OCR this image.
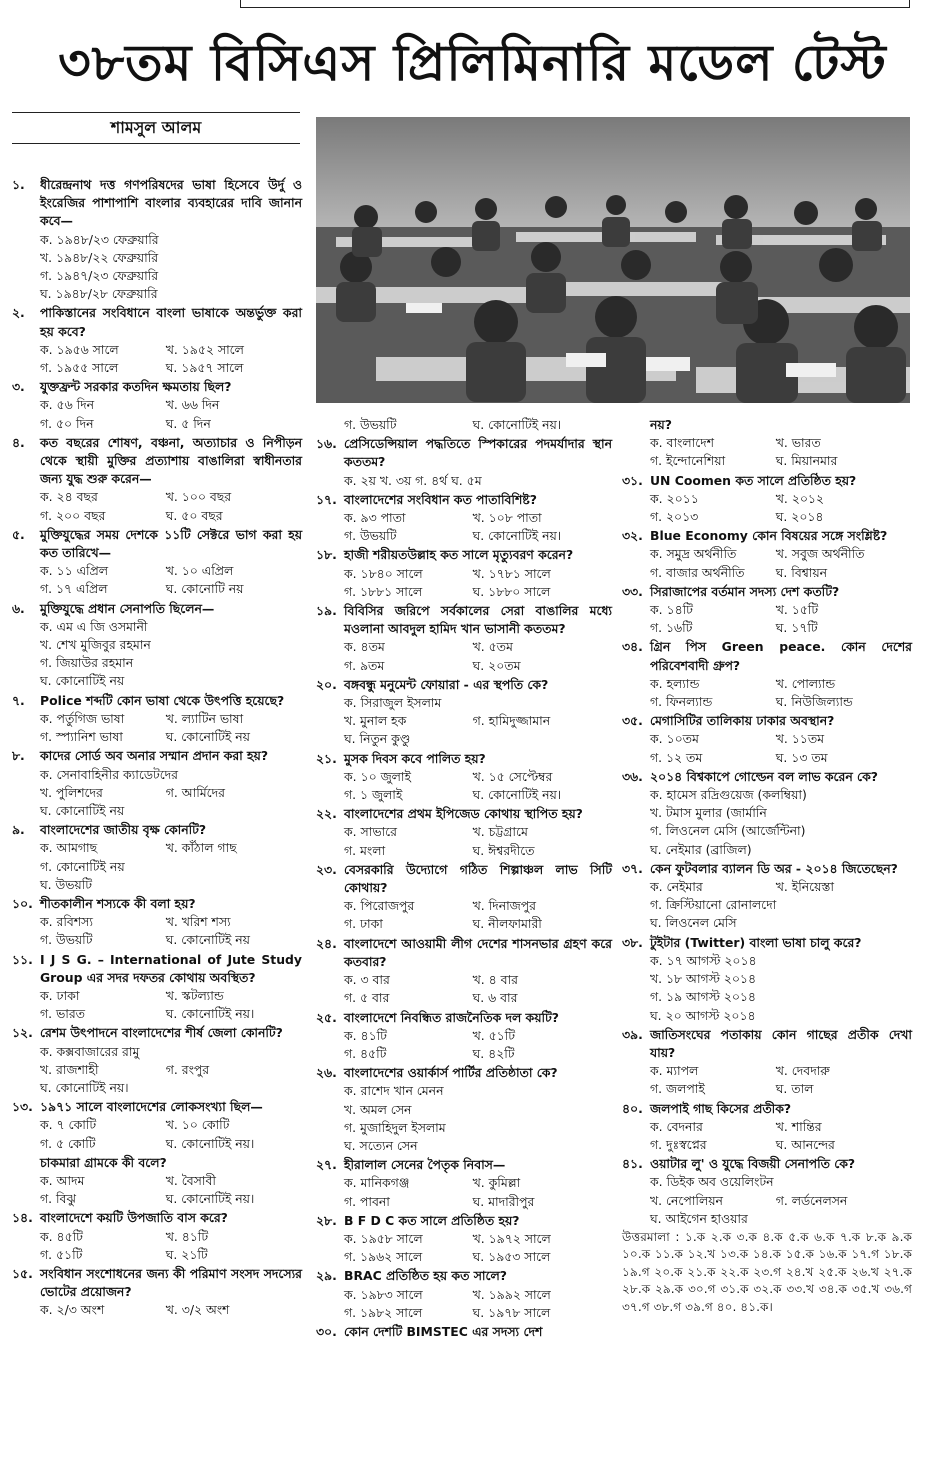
৩৮তম বিসিএস প্রিলিমিনারি মডেল টেস্ট
শামসুল আলম
১.	ধীরেন্দ্রনাথ দত্ত গণপরিষদের ভাষা হিসেবে উর্দু ও ইংরেজির পাশাপাশি বাংলার ব্যবহারের দাবি জানান কবে—
ক. ১৯৪৮/২৩ ফেব্রুয়ারি
খ. ১৯৪৮/২২ ফেব্রুয়ারি
গ. ১৯৪৭/২৩ ফেব্রুয়ারি
ঘ. ১৯৪৮/২৮ ফেব্রুয়ারি
২.	পাকিস্তানের সংবিধানে বাংলা ভাষাকে অন্তর্ভুক্ত করা হয় কবে?
ক. ১৯৫৬ সালে	খ. ১৯৫২ সালে
গ. ১৯৫৫ সালে	ঘ. ১৯৫৭ সালে
৩.	যুক্তফ্রন্ট সরকার কতদিন ক্ষমতায় ছিল?
ক. ৫৬ দিন	খ. ৬৬ দিন
গ. ৫০ দিন	ঘ. ৫ দিন
৪.	কত বছরের শোষণ, বঞ্চনা, অত্যাচার ও নিপীড়ন থেকে স্থায়ী মুক্তির প্রত্যাশায় বাঙালিরা স্বাধীনতার জন্য যুদ্ধ শুরু করেন—
ক. ২৪ বছর	খ. ১০০ বছর
গ. ২০০ বছর	ঘ. ৫০ বছর
৫.	মুক্তিযুদ্ধের সময় দেশকে ১১টি সেক্টরে ভাগ করা হয় কত তারিখে—
ক. ১১ এপ্রিল	খ. ১০ এপ্রিল
গ. ১৭ এপ্রিল	ঘ. কোনোটি নয়
৬.	মুক্তিযুদ্ধে প্রধান সেনাপতি ছিলেন—
ক. এম এ জি ওসমানী
খ. শেখ মুজিবুর রহমান
গ. জিয়াউর রহমান
ঘ. কোনোটিই নয়
৭.	Police শব্দটি কোন ভাষা থেকে উৎপত্তি হয়েছে?
ক. পর্তুগিজ ভাষা	খ. ল্যাটিন ভাষা
গ. স্প্যানিশ ভাষা	ঘ. কোনোটিই নয়
৮.	কাদের সোর্ড অব অনার সম্মান প্রদান করা হয়?
ক. সেনাবাহিনীর ক্যাডেটদের
খ. পুলিশদের	গ. আর্মিদের
ঘ. কোনোটিই নয়
৯.	বাংলাদেশের জাতীয় বৃক্ষ কোনটি?
ক. আমগাছ	খ. কাঁঠাল গাছ
গ. কোনোটিই নয়
ঘ. উভয়টি
১০. শীতকালীন শস্যকে কী বলা হয়?
ক. রবিশস্য	খ. খরিশ শস্য
গ. উভয়টি	ঘ. কোনোটিই নয়
১১. I J S G. – International of Jute Study Group এর সদর দফতর কোথায় অবস্থিত?
ক. ঢাকা	খ. স্কটল্যান্ড
গ. ভারত	ঘ. কোনোটিই নয়।
১২. রেশম উৎপাদনে বাংলাদেশের শীর্ষ জেলা কোনটি?
ক. কক্সবাজারের রামু
খ. রাজশাহী	গ. রংপুর
ঘ. কোনোটিই নয়।
১৩. ১৯৭১ সালে বাংলাদেশের লোকসংখ্যা ছিল—
ক. ৭ কোটি	খ. ১০ কোটি
গ. ৫ কোটি	ঘ. কোনোটিই নয়।
চাকমারা গ্রামকে কী বলে?
ক. আদম	খ. বৈসাবী
গ. বিঝু	ঘ. কোনোটিই নয়।
১৪. বাংলাদেশে কয়টি উপজাতি বাস করে?
ক. ৪৫টি	খ. ৪১টি
গ. ৫১টি	ঘ. ২১টি
১৫. সংবিধান সংশোধনের জন্য কী পরিমাণ সংসদ সদস্যের ভোটের প্রয়োজন?
ক. ২/৩ অংশ	খ. ৩/২ অংশ
গ. উভয়টি	ঘ. কোনোটিই নয়।
১৬. প্রেসিডেন্সিয়াল পদ্ধতিতে স্পিকারের পদমর্যাদার স্থান কততম?
ক. ২য় খ. ৩য় গ. ৪র্থ ঘ. ৫ম
১৭. বাংলাদেশের সংবিধান কত পাতাবিশিষ্ট?
ক. ৯৩ পাতা	খ. ১০৮ পাতা
গ. উভয়টি	ঘ. কোনোটিই নয়।
১৮. হাজী শরীয়তউল্লাহ কত সালে মৃত্যুবরণ করেন?
ক. ১৮৪০ সালে	খ. ১৭৮১ সালে
গ. ১৮৮১ সালে	ঘ. ১৮৮০ সালে
১৯. বিবিসির জরিপে সর্বকালের সেরা বাঙালির মধ্যে মওলানা আবদুল হামিদ খান ভাসানী কততম?
ক. ৪তম	খ. ৫তম
গ. ৯তম	ঘ. ২০তম
২০. বঙ্গবন্ধু মনুমেন্ট ফোয়ারা - এর স্থপতি কে?
ক. সিরাজুল ইসলাম
খ. মুনাল হক	গ. হামিদুজ্জামান
ঘ. নিতুন কুণ্ডু
২১. মুসক দিবস কবে পালিত হয়?
ক. ১০ জুলাই	খ. ১৫ সেপ্টেম্বর
গ. ১ জুলাই	ঘ. কোনোটিই নয়।
২২. বাংলাদেশের প্রথম ইপিজেড কোথায় স্থাপিত হয়?
ক. সাভারে	খ. চট্টগ্রামে
গ. মংলা	ঘ. ঈশ্বরদীতে
২৩. বেসরকারি উদ্যোগে গঠিত শিল্পাঞ্চল লাভ সিটি কোথায়?
ক. পিরোজপুর	খ. দিনাজপুর
গ. ঢাকা	ঘ. নীলফামারী
২৪. বাংলাদেশে আওয়ামী লীগ দেশের শাসনভার গ্রহণ করে কতবার?
ক. ৩ বার	খ. ৪ বার
গ. ৫ বার	ঘ. ৬ বার
২৫. বাংলাদেশে নিবন্ধিত রাজনৈতিক দল কয়টি?
ক. ৪১টি	খ. ৫১টি
গ. ৪৫টি	ঘ. ৪২টি
২৬. বাংলাদেশের ওয়ার্কার্স পার্টির প্রতিষ্ঠাতা কে?
ক. রাশেদ খান মেনন
খ. অমল সেন
গ. মুজাহিদুল ইসলাম
ঘ. সত্যেন সেন
২৭. হীরালাল সেনের পৈতৃক নিবাস—
ক. মানিকগঞ্জ	খ. কুমিল্লা
গ. পাবনা	ঘ. মাদারীপুর
২৮. B F D C কত সালে প্রতিষ্ঠিত হয়?
ক. ১৯৫৮ সালে	খ. ১৯৭২ সালে
গ. ১৯৬২ সালে	ঘ. ১৯৫৩ সালে
২৯. BRAC প্রতিষ্ঠিত হয় কত সালে?
ক. ১৯৮৩ সালে	খ. ১৯৯২ সালে
গ. ১৯৮২ সালে	ঘ. ১৯৭৮ সালে
৩০. কোন দেশটি BIMSTEC এর সদস্য দেশ
নয়?
ক. বাংলাদেশ	খ. ভারত
গ. ইন্দোনেশিয়া	ঘ. মিয়ানমার
৩১. UN Coomen কত সালে প্রতিষ্ঠিত হয়?
ক. ২০১১	খ. ২০১২
গ. ২০১৩	ঘ. ২০১৪
৩২. Blue Economy কোন বিষয়ের সঙ্গে সংশ্লিষ্ট?
ক. সমুদ্র অর্থনীতি	খ. সবুজ অর্থনীতি
গ. বাজার অর্থনীতি	ঘ. বিশ্বায়ন
৩৩. সিরাজাপের বর্তমান সদস্য দেশ কতটি?
ক. ১৪টি	খ. ১৫টি
গ. ১৬টি	ঘ. ১৭টি
৩৪. গ্রিন পিস Green peace. কোন দেশের পরিবেশবাদী গ্রুপ?
ক. হল্যান্ড	খ. পোল্যান্ড
গ. ফিনল্যান্ড	ঘ. নিউজিল্যান্ড
৩৫. মেগাসিটির তালিকায় ঢাকার অবস্থান?
ক. ১০তম	খ. ১১তম
গ. ১২ তম	ঘ. ১৩ তম
৩৬. ২০১৪ বিশ্বকাপে গোল্ডেন বল লাভ করেন কে?
ক. হামেস রদ্রিগুয়েজ (কলম্বিয়া)
খ. টমাস মুলার (জার্মানি
গ. লিওনেল মেসি (আর্জেন্টিনা)
ঘ. নেইমার (ব্রাজিল)
৩৭. কেন ফুটবলার ব্যালন ডি অর - ২০১৪ জিতেছেন?
ক. নেইমার	খ. ইনিয়েস্তা
গ. ক্রিস্টিয়ানো রোনালদো
ঘ. লিওনেল মেসি
৩৮. টুইটার (Twitter) বাংলা ভাষা চালু করে?
ক. ১৭ আগস্ট ২০১৪
খ. ১৮ আগস্ট ২০১৪
গ. ১৯ আগস্ট ২০১৪
ঘ. ২০ আগস্ট ২০১৪
৩৯. জাতিসংঘের পতাকায় কোন গাছের প্রতীক দেখা যায়?
ক. ম্যাপল	খ. দেবদারু
গ. জলপাই	ঘ. তাল
৪০. জলপাই গাছ কিসের প্রতীক?
ক. বেদনার	খ. শান্তির
গ. দুঃস্বপ্নের	ঘ. আনন্দের
৪১. ওয়াটার লু' ও যুদ্ধে বিজয়ী সেনাপতি কে?
ক. ডিইক অব ওয়েলিংটন
খ. নেপোলিয়ন	গ. লর্ডনেলসন
ঘ. আইগেন হাওয়ার
উত্তরমালা : ১.ক ২.ক ৩.ক ৪.ক ৫.ক ৬.ক ৭.ক ৮.ক ৯.ক ১০.ক ১১.ক ১২.খ ১৩.ক ১৪.ক ১৫.ক ১৬.ক ১৭.গ ১৮.ক ১৯.গ ২০.ক ২১.ক ২২.ক ২৩.গ ২৪.খ ২৫.ক ২৬.খ ২৭.ক ২৮.ক ২৯.ক ৩০.গ ৩১.ক ৩২.ক ৩৩.খ ৩৪.ক ৩৫.খ ৩৬.গ ৩৭.গ ৩৮.গ ৩৯.গ ৪০. ৪১.ক।
